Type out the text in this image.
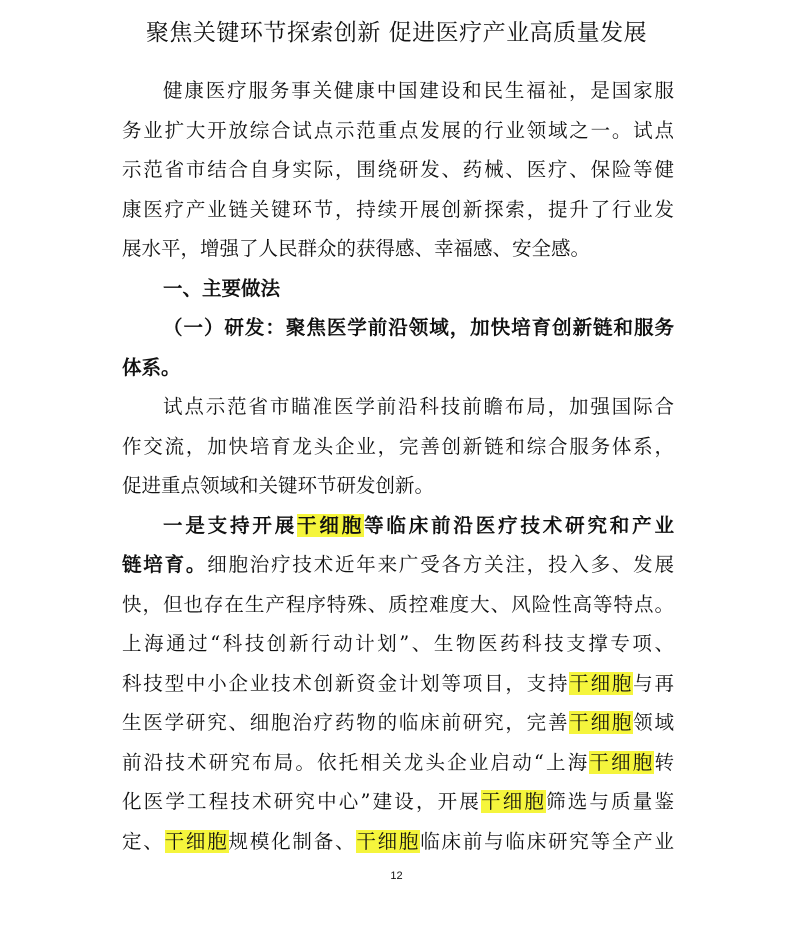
聚焦关键环节探索创新 促进医疗产业高质量发展
健康医疗服务事关健康中国建设和民生福祉，是国家服
务业扩大开放综合试点示范重点发展的行业领域之一。试点
示范省市结合自身实际，围绕研发、药械、医疗、保险等健
康医疗产业链关键环节，持续开展创新探索，提升了行业发
展水平，增强了人民群众的获得感、幸福感、安全感。
一、主要做法
（一）研发：聚焦医学前沿领域，加快培育创新链和服务
体系。
试点示范省市瞄准医学前沿科技前瞻布局，加强国际合
作交流，加快培育龙头企业，完善创新链和综合服务体系，
促进重点领域和关键环节研发创新。
一是支持开展干细胞等临床前沿医疗技术研究和产业
链培育。细胞治疗技术近年来广受各方关注，投入多、发展
快，但也存在生产程序特殊、质控难度大、风险性高等特点。
上海通过“科技创新行动计划”、生物医药科技支撑专项、
科技型中小企业技术创新资金计划等项目，支持干细胞与再
生医学研究、细胞治疗药物的临床前研究，完善干细胞领域
前沿技术研究布局。依托相关龙头企业启动“上海干细胞转
化医学工程技术研究中心”建设，开展干细胞筛选与质量鉴
定、干细胞规模化制备、干细胞临床前与临床研究等全产业
12
